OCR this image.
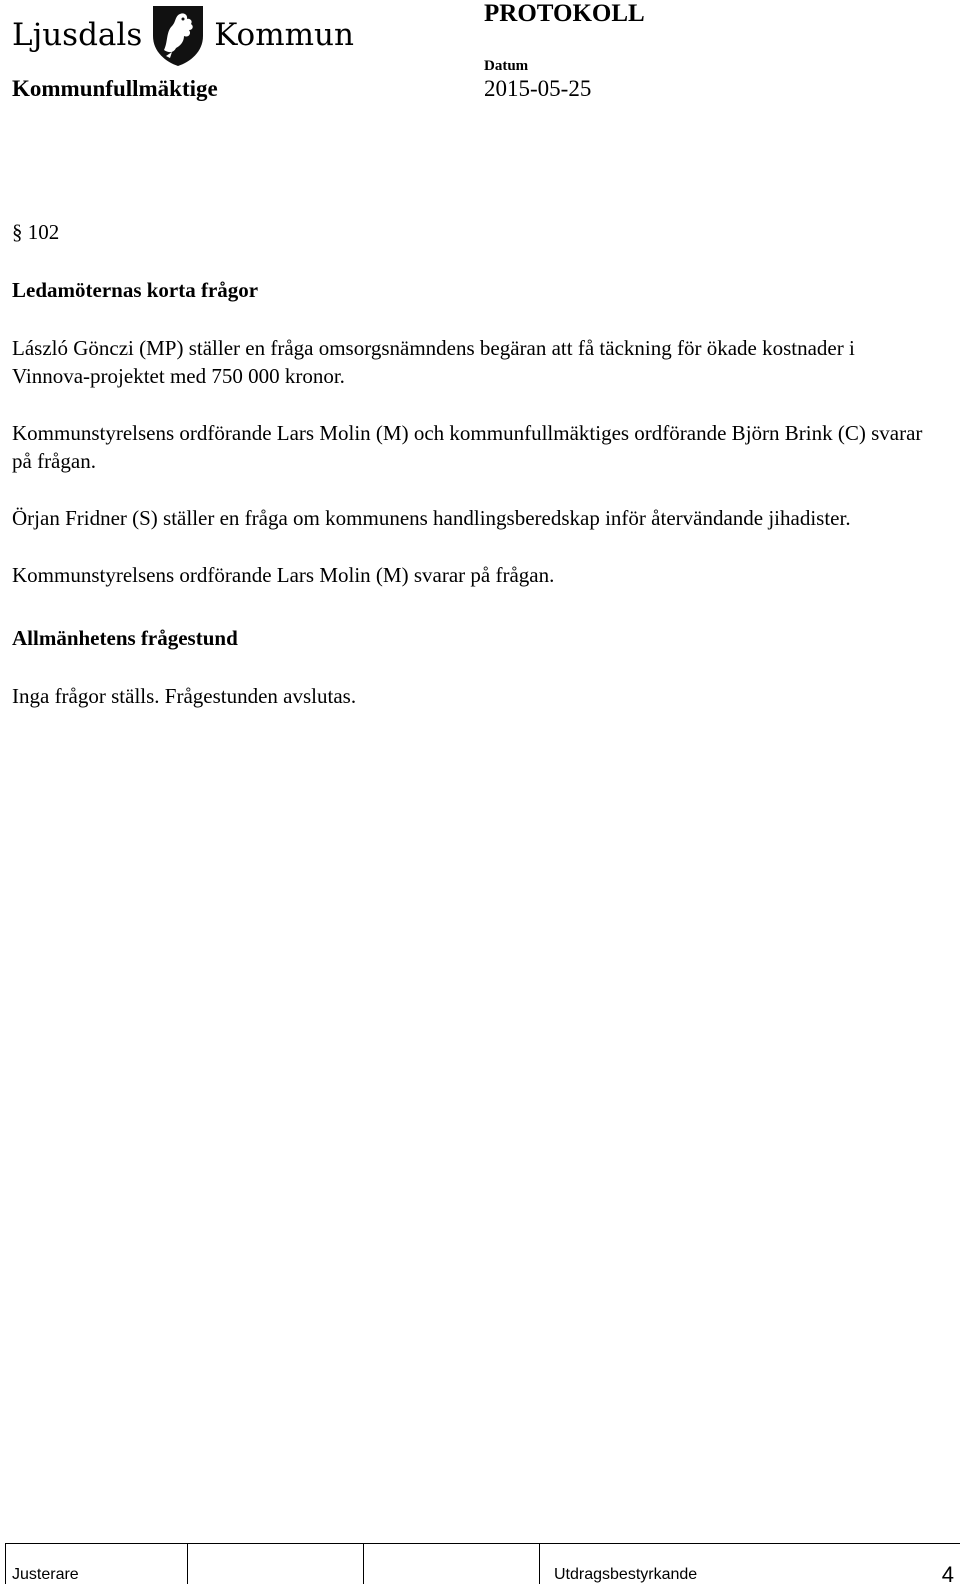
Ljusdals Kommun
PROTOKOLL
Kommunfullmäktige
Datum
2015-05-25
§ 102
Ledamöternas korta frågor
László Gönczi (MP) ställer en fråga omsorgsnämndens begäran att få täckning för ökade kostnader i Vinnova-projektet med 750 000 kronor.
Kommunstyrelsens ordförande Lars Molin (M) och kommunfullmäktiges ordförande Björn Brink (C) svarar på frågan.
Örjan Fridner (S) ställer en fråga om kommunens handlingsberedskap inför återvändande jihadister.
Kommunstyrelsens ordförande Lars Molin (M) svarar på frågan.
Allmänhetens frågestund
Inga frågor ställs. Frågestunden avslutas.
Justerare	Utdragsbestyrkande	4
